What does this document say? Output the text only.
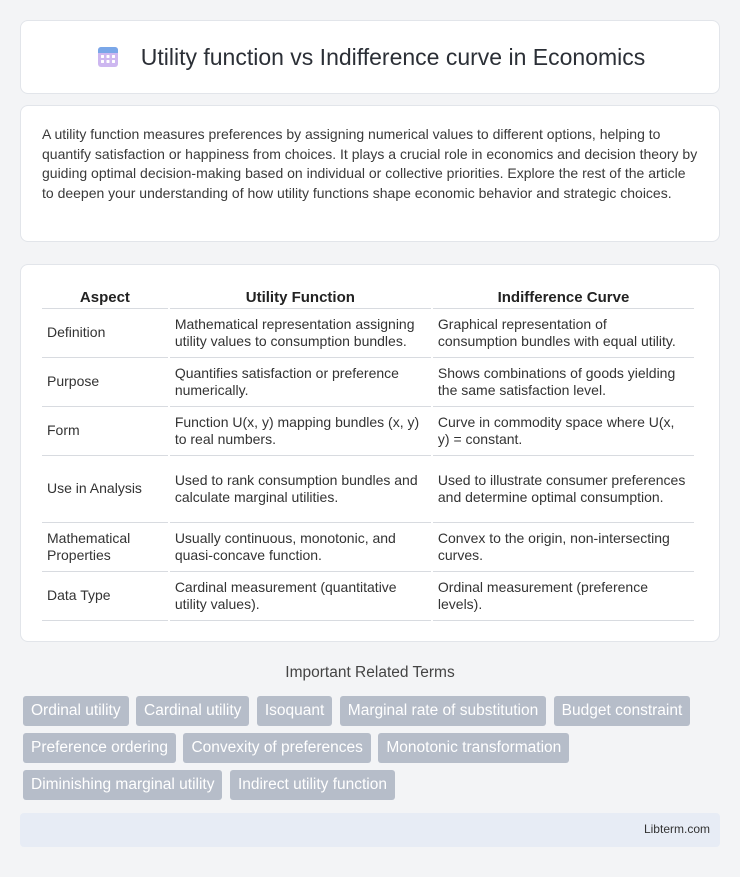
Utility function vs Indifference curve in Economics

A utility function measures preferences by assigning numerical values to different options, helping to quantify satisfaction or happiness from choices. It plays a crucial role in economics and decision theory by guiding optimal decision-making based on individual or collective priorities. Explore the rest of the article to deepen your understanding of how utility functions shape economic behavior and strategic choices.

Aspect	Utility Function	Indifference Curve
Definition	Mathematical representation assigning utility values to consumption bundles.	Graphical representation of consumption bundles with equal utility.
Purpose	Quantifies satisfaction or preference numerically.	Shows combinations of goods yielding the same satisfaction level.
Form	Function U(x, y) mapping bundles (x, y) to real numbers.	Curve in commodity space where U(x, y) = constant.
Use in Analysis	Used to rank consumption bundles and calculate marginal utilities.	Used to illustrate consumer preferences and determine optimal consumption.
Mathematical Properties	Usually continuous, monotonic, and quasi-concave function.	Convex to the origin, non-intersecting curves.
Data Type	Cardinal measurement (quantitative utility values).	Ordinal measurement (preference levels).
Important Related Terms
Ordinal utility Cardinal utility Isoquant Marginal rate of substitution Budget constraint
Preference ordering Convexity of preferences Monotonic transformation
Diminishing marginal utility Indirect utility function
Libterm.com
